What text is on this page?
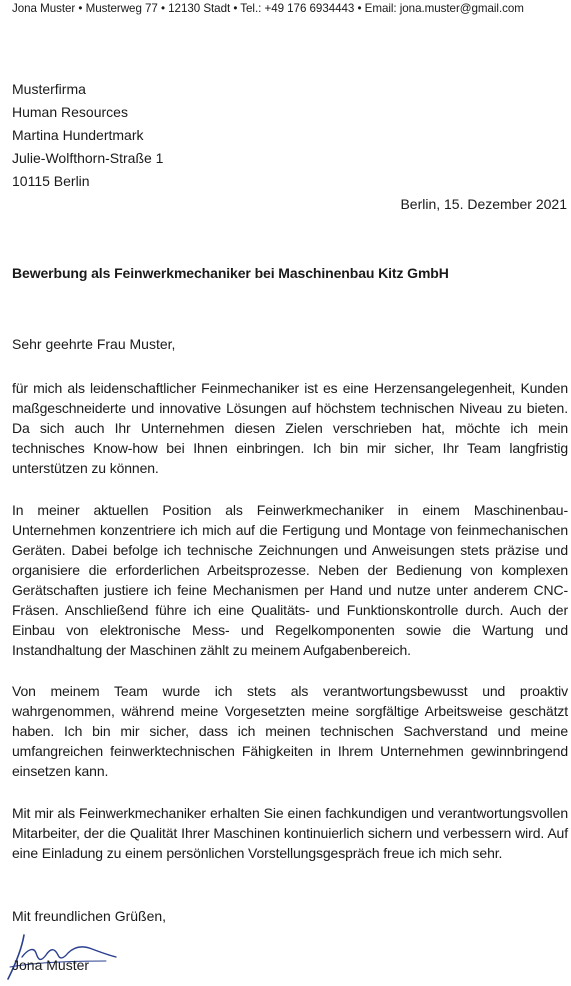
Jona Muster • Musterweg 77 • 12130 Stadt • Tel.: +49 176 6934443 • Email: jona.muster@gmail.com
Musterfirma
Human Resources
Martina Hundertmark
Julie-Wolfthorn-Straße 1
10115 Berlin
Berlin, 15. Dezember 2021
Bewerbung als Feinwerkmechaniker bei Maschinenbau Kitz GmbH
Sehr geehrte Frau Muster,
für mich als leidenschaftlicher Feinmechaniker ist es eine Herzensangelegenheit, Kunden maßgeschneiderte und innovative Lösungen auf höchstem technischen Niveau zu bieten. Da sich auch Ihr Unternehmen diesen Zielen verschrieben hat, möchte ich mein technisches Know-how bei Ihnen einbringen. Ich bin mir sicher, Ihr Team langfristig unterstützen zu können.
In meiner aktuellen Position als Feinwerkmechaniker in einem Maschinenbau-Unternehmen konzentriere ich mich auf die Fertigung und Montage von feinmechanischen Geräten. Dabei befolge ich technische Zeichnungen und Anweisungen stets präzise und organisiere die erforderlichen Arbeitsprozesse. Neben der Bedienung von komplexen Gerätschaften justiere ich feine Mechanismen per Hand und nutze unter anderem CNC-Fräsen. Anschließend führe ich eine Qualitäts- und Funktionskontrolle durch. Auch der Einbau von elektronische Mess- und Regelkomponenten sowie die Wartung und Instandhaltung der Maschinen zählt zu meinem Aufgabenbereich.
Von meinem Team wurde ich stets als verantwortungsbewusst und proaktiv wahrgenommen, während meine Vorgesetzten meine sorgfältige Arbeitsweise geschätzt haben. Ich bin mir sicher, dass ich meinen technischen Sachverstand und meine umfangreichen feinwerktechnischen Fähigkeiten in Ihrem Unternehmen gewinnbringend einsetzen kann.
Mit mir als Feinwerkmechaniker erhalten Sie einen fachkundigen und verantwortungsvollen Mitarbeiter, der die Qualität Ihrer Maschinen kontinuierlich sichern und verbessern wird. Auf eine Einladung zu einem persönlichen Vorstellungsgespräch freue ich mich sehr.
Mit freundlichen Grüßen,
Jona Muster
